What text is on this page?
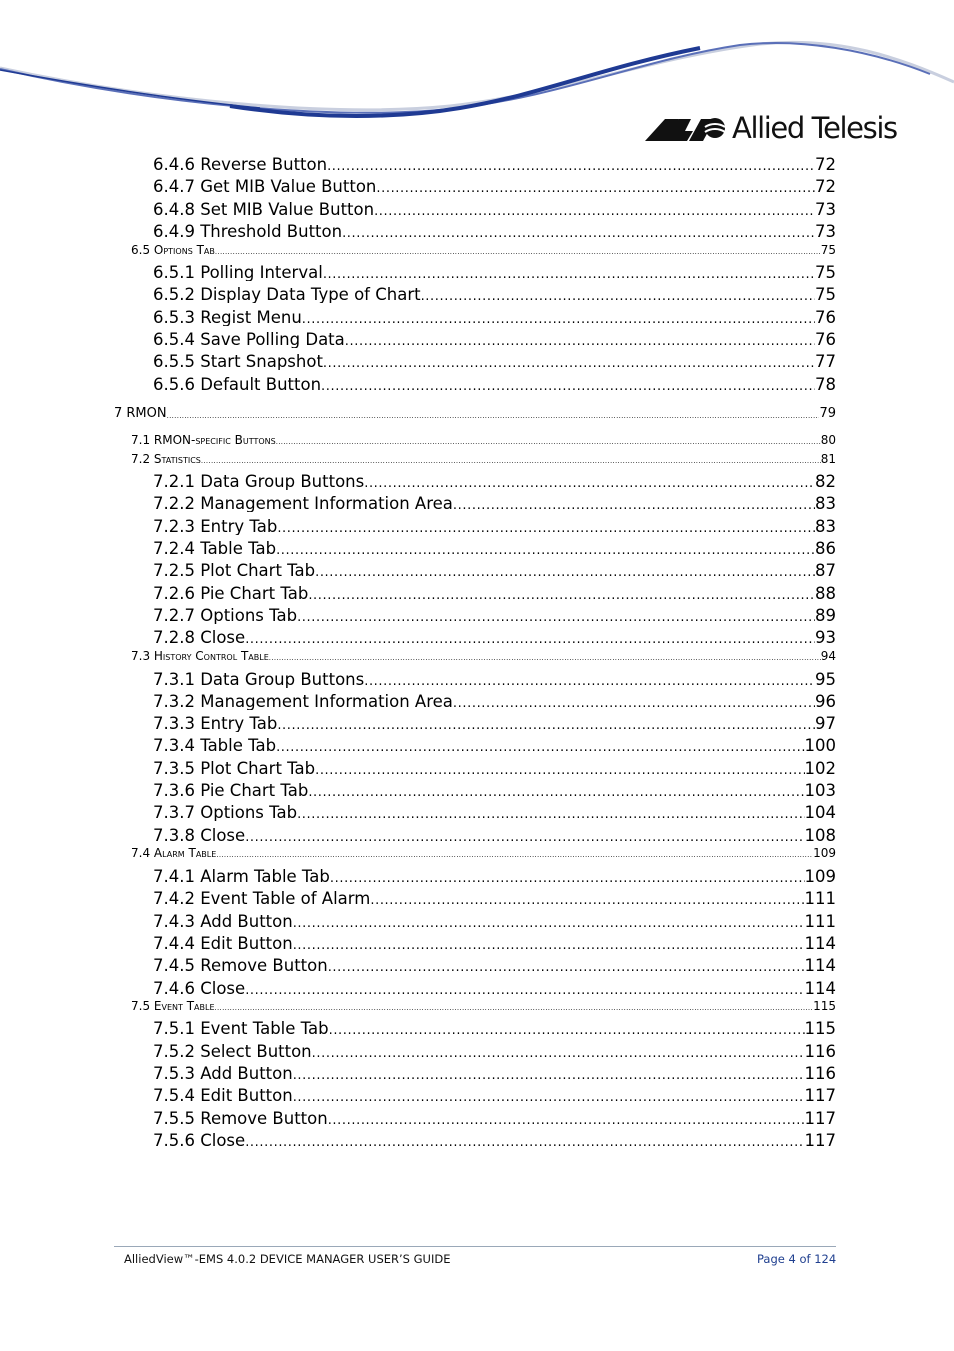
Allied Telesis
6.4.6 Reverse Button .....	72
6.4.7 Get MIB Value Button .....	72
6.4.8 Set MIB Value Button .....	73
6.4.9 Threshold Button .....	73
6.5 Options Tab .....	75
6.5.1 Polling Interval .....	75
6.5.2 Display Data Type of Chart .....	75
6.5.3 Regist Menu .....	76
6.5.4 Save Polling Data .....	76
6.5.5 Start Snapshot .....	77
6.5.6 Default Button .....	78
7 RMON .....	79
7.1 RMON-specific Buttons .....	80
7.2 Statistics .....	81
7.2.1 Data Group Buttons .....	82
7.2.2 Management Information Area .....	83
7.2.3 Entry Tab .....	83
7.2.4 Table Tab .....	86
7.2.5 Plot Chart Tab .....	87
7.2.6 Pie Chart Tab .....	88
7.2.7 Options Tab .....	89
7.2.8 Close .....	93
7.3 History Control Table .....	94
7.3.1 Data Group Buttons .....	95
7.3.2 Management Information Area .....	96
7.3.3 Entry Tab .....	97
7.3.4 Table Tab .....	100
7.3.5 Plot Chart Tab .....	102
7.3.6 Pie Chart Tab .....	103
7.3.7 Options Tab .....	104
7.3.8 Close .....	108
7.4 Alarm Table .....	109
7.4.1 Alarm Table Tab .....	109
7.4.2 Event Table of Alarm .....	111
7.4.3 Add Button .....	111
7.4.4 Edit Button .....	114
7.4.5 Remove Button .....	114
7.4.6 Close .....	114
7.5 Event Table .....	115
7.5.1 Event Table Tab .....	115
7.5.2 Select Button .....	116
7.5.3 Add Button .....	116
7.5.4 Edit Button .....	117
7.5.5 Remove Button .....	117
7.5.6 Close .....	117
AlliedView™-EMS 4.0.2 DEVICE MANAGER USER’S GUIDE	Page 4 of 124
